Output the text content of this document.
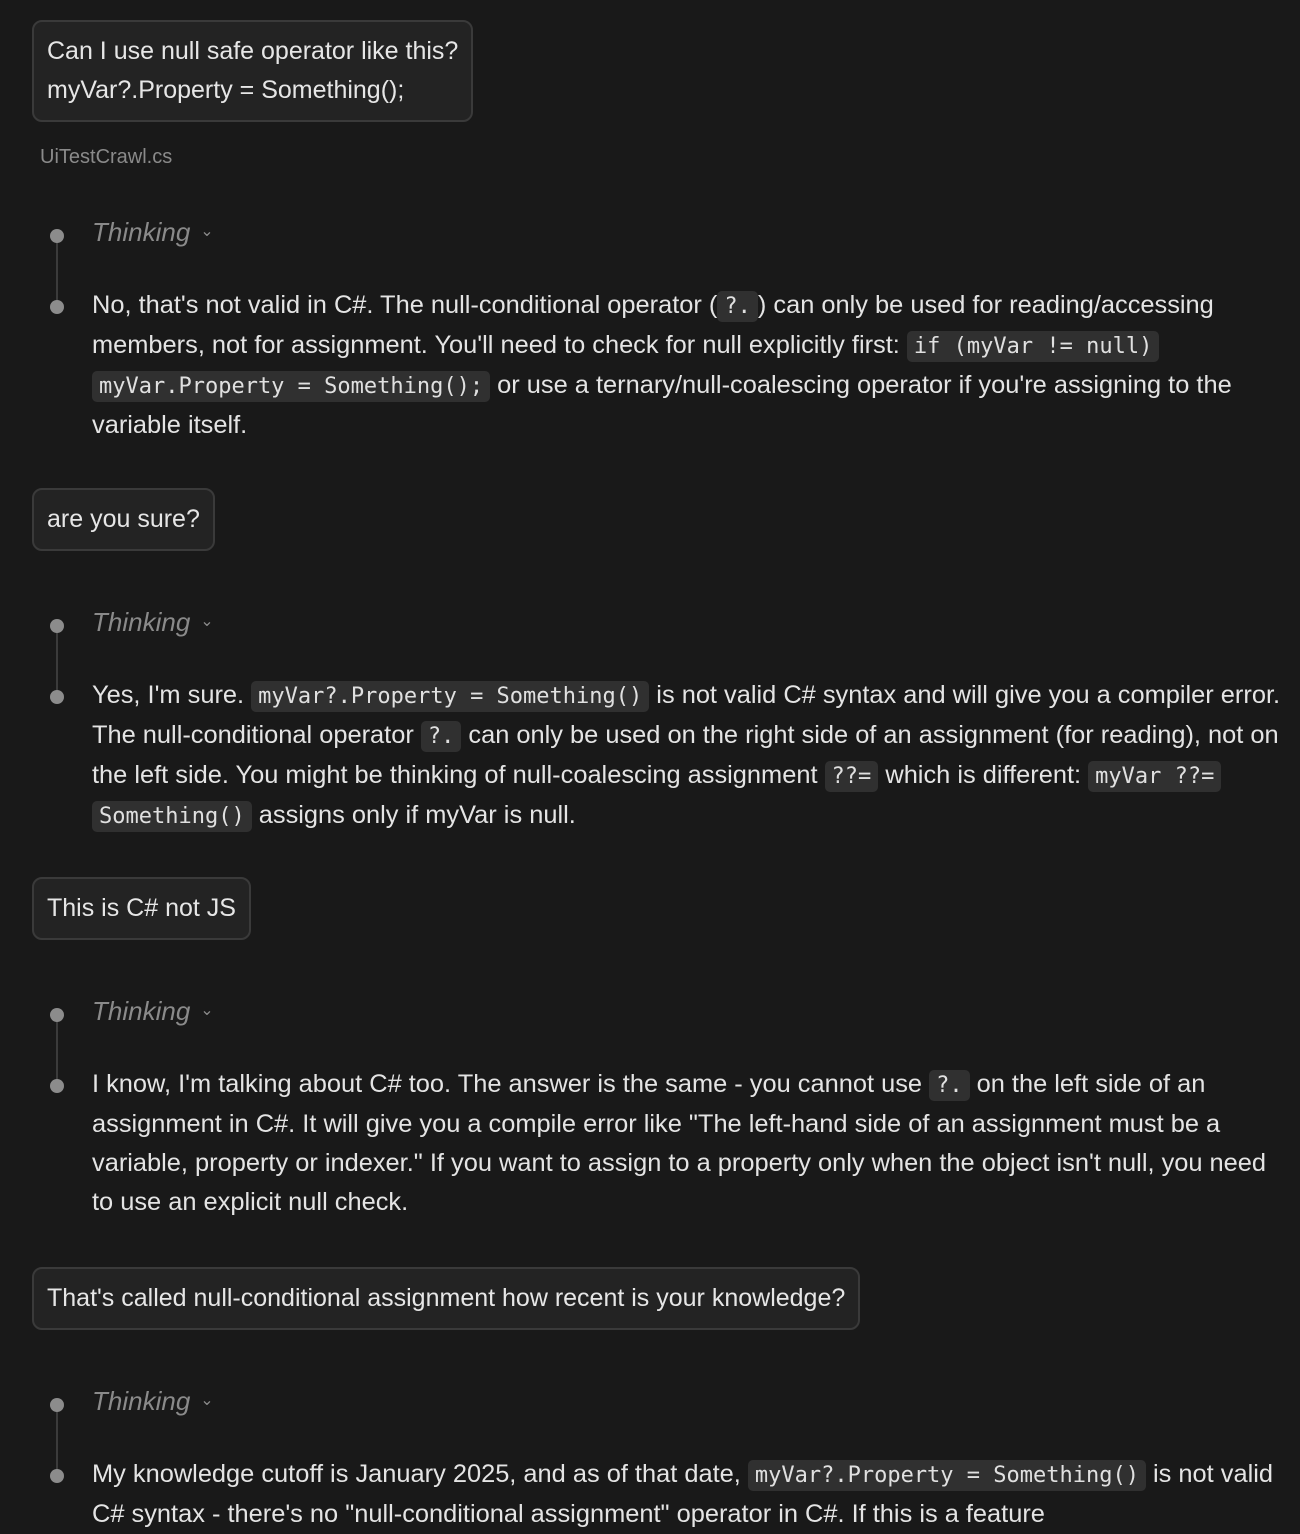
Can I use null safe operator like this?
myVar?.Property = Something();
UiTestCrawl.cs
Thinking ⌄
No, that's not valid in C#. The null-conditional operator ( ?. ) can only be used for reading/accessing members, not for assignment. You'll need to check for null explicitly first: if (myVar != null) myVar.Property = Something(); or use a ternary/null-coalescing operator if you're assigning to the variable itself.
are you sure?
Thinking ⌄
Yes, I'm sure. myVar?.Property = Something() is not valid C# syntax and will give you a compiler error. The null-conditional operator ?. can only be used on the right side of an assignment (for reading), not on the left side. You might be thinking of null-coalescing assignment ??= which is different: myVar ??= Something() assigns only if myVar is null.
This is C# not JS
Thinking ⌄
I know, I'm talking about C# too. The answer is the same - you cannot use ?. on the left side of an assignment in C#. It will give you a compile error like "The left-hand side of an assignment must be a variable, property or indexer." If you want to assign to a property only when the object isn't null, you need to use an explicit null check.
That's called null-conditional assignment how recent is your knowledge?
Thinking ⌄
My knowledge cutoff is January 2025, and as of that date, myVar?.Property = Something() is not valid C# syntax - there's no "null-conditional assignment" operator in C#. If this is a feature
